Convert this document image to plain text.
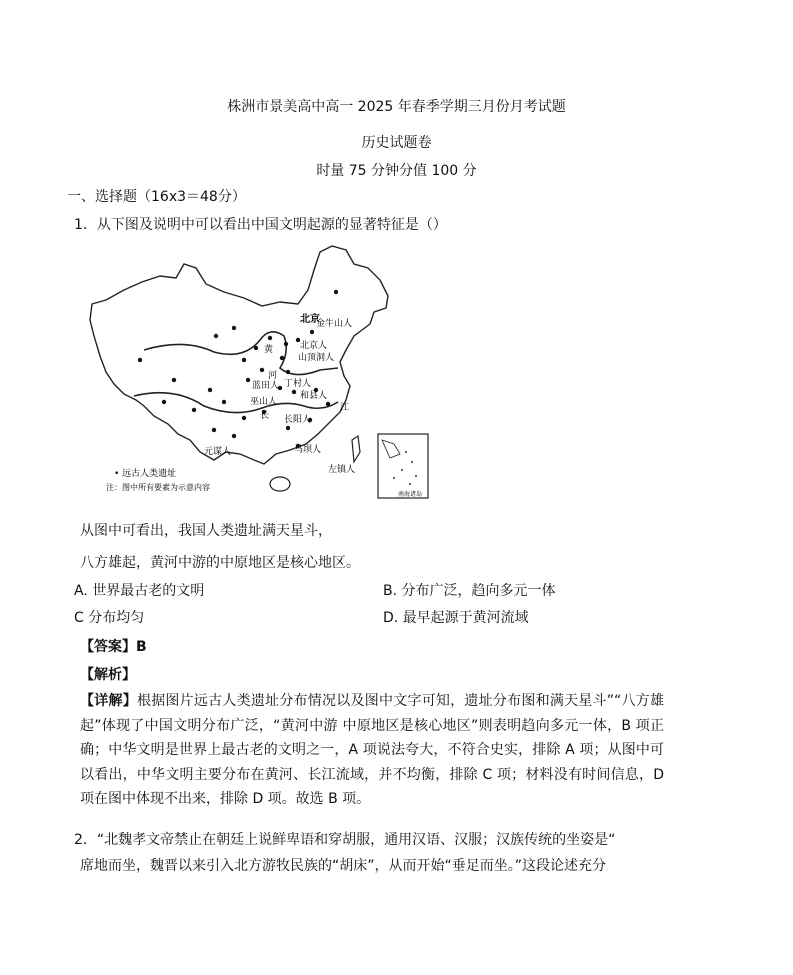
株洲市景美高中高一 2025 年春季学期三月份月考试题
历史试题卷
时量 75 分钟分值 100 分
一、选择题（16x3＝48分）
1．从下图及说明中可以看出中国文明起源的显著特征是（）
北京
金牛山人
北京人
山顶洞人
蓝田人 丁村人
和县人
巫山人
长阳人
马坝人
元谋人
左镇人
黄
河
长
江
南海诸岛
• 远古人类遗址
注：图中所有要素为示意内容
从图中可看出，我国人类遗址满天星斗，
八方雄起，黄河中游的中原地区是核心地区。
A. 世界最古老的文明	B. 分布广泛，趋向多元一体
C 分布均匀	D. 最早起源于黄河流域
【答案】B
【解析】
【详解】根据图片远古人类遗址分布情况以及图中文字可知，遗址分布图和满天星斗”“八方雄起”体现了中国文明分布广泛，“黄河中游 中原地区是核心地区”则表明趋向多元一体，B 项正确；中华文明是世界上最古老的文明之一，A 项说法夸大，不符合史实，排除 A 项；从图中可以看出，中华文明主要分布在黄河、长江流域，并不均衡，排除 C 项；材料没有时间信息，D 项在图中体现不出来，排除 D 项。故选 B 项。
2．“北魏孝文帝禁止在朝廷上说鲜卑语和穿胡服，通用汉语、汉服；汉族传统的坐姿是“
席地而坐，魏晋以来引入北方游牧民族的“胡床”，从而开始“垂足而坐。”这段论述充分
